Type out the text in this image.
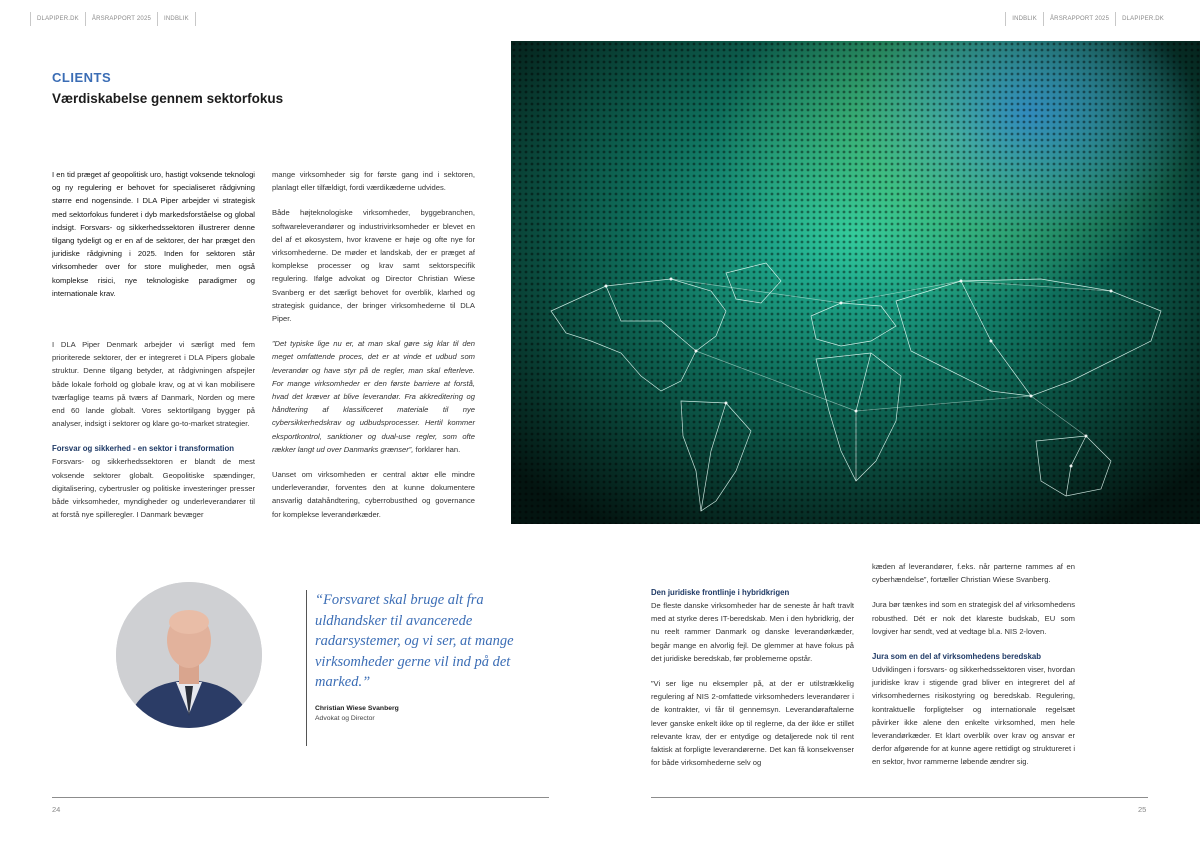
DLAPIPER.DK	ÅRSRAPPORT 2025	INDBLIK	INDBLIK	ÅRSRAPPORT 2025	DLAPIPER.DK
CLIENTS
Værdiskabelse gennem sektorfokus

I en tid præget af geopolitisk uro, hastigt voksende teknologi og ny regulering er behovet for specialiseret rådgivning større end nogensinde. I DLA Piper arbejder vi strategisk med sektorfokus funderet i dyb markedsforståelse og global indsigt. Forsvars- og sikkerhedssektoren illustrerer denne tilgang tydeligt og er en af de sektorer, der har præget den juridiske rådgivning i 2025. Inden for sektoren står virksomheder over for store muligheder, men også komplekse risici, nye teknologiske paradigmer og internationale krav.

I DLA Piper Denmark arbejder vi særligt med fem prioriterede sektorer, der er integreret i DLA Pipers globale struktur. Denne tilgang betyder, at rådgivningen afspejler både lokale forhold og globale krav, og at vi kan mobilisere tværfaglige teams på tværs af Danmark, Norden og mere end 60 lande globalt. Vores sektortilgang bygger på analyser, indsigt i sektorer og klare go-to-market strategier.

Forsvar og sikkerhed - en sektor i transformation

Forsvars- og sikkerhedssektoren er blandt de mest voksende sektorer globalt. Geopolitiske spændinger, digitalisering, cybertrusler og politiske investeringer presser både virksomheder, myndigheder og underleverandører til at forstå nye spilleregler. I Danmark bevæger

mange virksomheder sig for første gang ind i sektoren, planlagt eller tilfældigt, fordi værdikæderne udvides.

Både højteknologiske virksomheder, byggebranchen, softwareleverandører og industrivirksomheder er blevet en del af et økosystem, hvor kravene er høje og ofte nye for virksomhederne. De møder et landskab, der er præget af komplekse processer og krav samt sektorspecifik regulering. Ifølge advokat og Director Christian Wiese Svanberg er det særligt behovet for overblik, klarhed og strategisk guidance, der bringer virksomhederne til DLA Piper.

”Det typiske lige nu er, at man skal gøre sig klar til den meget omfattende proces, det er at vinde et udbud som leverandør og have styr på de regler, man skal efterleve. For mange virksomheder er den første barriere at forstå, hvad det kræver at blive leverandør. Fra akkreditering og håndtering af klassificeret materiale til nye cybersikkerhedskrav og udbudsprocesser. Hertil kommer eksportkontrol, sanktioner og dual-use regler, som ofte rækker langt ud over Danmarks grænser”, forklarer han.

Uanset om virksomheden er central aktør elle mindre underleverandør, forventes den at kunne dokumentere ansvarlig datahåndtering, cyberrobusthed og governance for komplekse leverandørkæder.

“Forsvaret skal bruge alt fra uldhandsker til avancerede radarsystemer, og vi ser, at mange virksomheder gerne vil ind på det marked.”
Christian Wiese Svanberg
Advokat og Director
Den juridiske frontlinje i hybridkrigen

De fleste danske virksomheder har de seneste år haft travlt med at styrke deres IT-beredskab. Men i den hybridkrig, der nu reelt rammer Danmark og danske leverandørkæder, begår mange en alvorlig fejl. De glemmer at have fokus på det juridiske beredskab, før problemerne opstår.

”Vi ser lige nu eksempler på, at der er utilstrækkelig regulering af NIS 2-omfattede virksomheders leverandører i de kontrakter, vi får til gennemsyn. Leverandøraftalerne lever ganske enkelt ikke op til reglerne, da der ikke er stillet relevante krav, der er entydige og detaljerede nok til rent faktisk at forpligte leverandørerne. Det kan få konsekvenser for både virksomhederne selv og

kæden af leverandører, f.eks. når parterne rammes af en cyberhændelse”, fortæller Christian Wiese Svanberg.

Jura bør tænkes ind som en strategisk del af virksomhedens robusthed. Dét er nok det klareste budskab, EU som lovgiver har sendt, ved at vedtage bl.a. NIS 2-loven.

Jura som en del af virksomhedens beredskab

Udviklingen i forsvars- og sikkerhedssektoren viser, hvordan juridiske krav i stigende grad bliver en integreret del af virksomhedernes risikostyring og beredskab. Regulering, kontraktuelle forpligtelser og internationale regelsæt påvirker ikke alene den enkelte virksomhed, men hele leverandørkæder. Et klart overblik over krav og ansvar er derfor afgørende for at kunne agere rettidigt og struktureret i en sektor, hvor rammerne løbende ændrer sig.

24	25
